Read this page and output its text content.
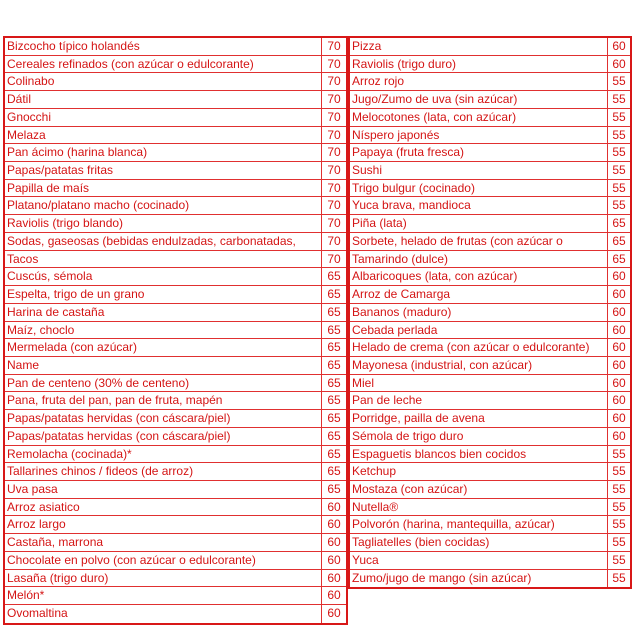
Bizcocho típico holandés	70
Cereales refinados (con azúcar o edulcorante)	70
Colinabo	70
Dátil	70
Gnocchi	70
Melaza	70
Pan ácimo (harina blanca)	70
Papas/patatas fritas	70
Papilla de maís	70
Platano/platano macho (cocinado)	70
Raviolis (trigo blando)	70
Sodas, gaseosas (bebidas endulzadas, carbonatadas,	70
Tacos	70
Cuscús, sémola	65
Espelta, trigo de un grano	65
Harina de castaña	65
Maíz, choclo	65
Mermelada (con azúcar)	65
Name	65
Pan de centeno (30% de centeno)	65
Pana, fruta del pan, pan de fruta, mapén	65
Papas/patatas hervidas (con cáscara/piel)	65
Papas/patatas hervidas (con cáscara/piel)	65
Remolacha (cocinada)*	65
Tallarines chinos / fideos (de arroz)	65
Uva pasa	65
Arroz asiatico	60
Arroz largo	60
Castaña, marrona	60
Chocolate en polvo (con azúcar o edulcorante)	60
Lasaña (trigo duro)	60
Melón*	60
Ovomaltina	60
Pizza	60
Raviolis (trigo duro)	60
Arroz rojo	55
Jugo/Zumo de uva (sin azúcar)	55
Melocotones (lata, con azúcar)	55
Níspero japonés	55
Papaya (fruta fresca)	55
Sushi	55
Trigo bulgur (cocinado)	55
Yuca brava, mandioca	55
Piña (lata)	65
Sorbete, helado de frutas (con azúcar o	65
Tamarindo (dulce)	65
Albaricoques (lata, con azúcar)	60
Arroz de Camarga	60
Bananos (maduro)	60
Cebada perlada	60
Helado de crema (con azúcar o edulcorante)	60
Mayonesa (industrial, con azúcar)	60
Miel	60
Pan de leche	60
Porridge, pailla de avena	60
Sémola de trigo duro	60
Espaguetis blancos bien cocidos	55
Ketchup	55
Mostaza (con azúcar)	55
Nutella®	55
Polvorón (harina, mantequilla, azúcar)	55
Tagliatelles (bien cocidas)	55
Yuca	55
Zumo/jugo de mango (sin azúcar)	55
